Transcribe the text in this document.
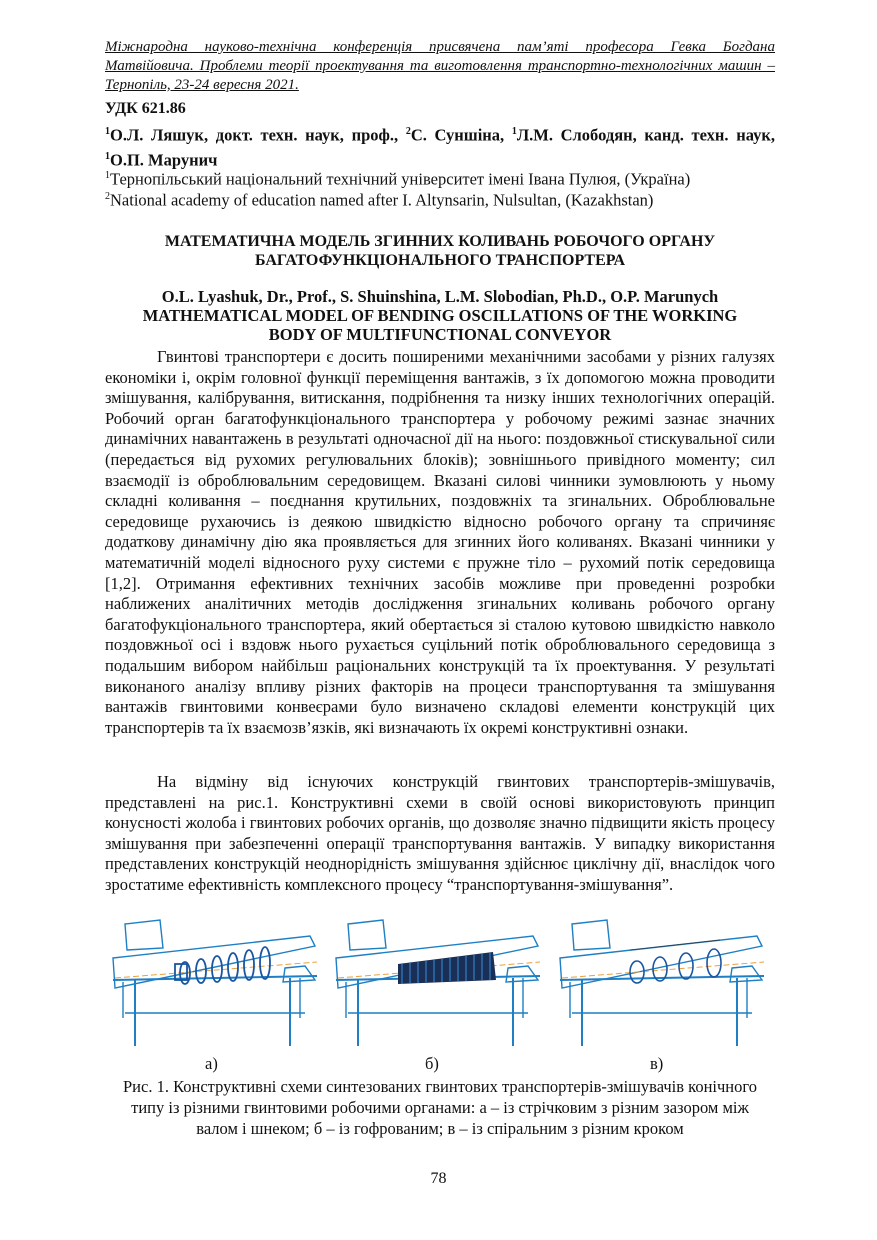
Міжнародна науково-технічна конференція присвячена пам’яті професора Гевка Богдана Матвійовича. Проблеми теорії проектування та виготовлення транспортно-технологічних машин – Тернопіль, 23-24 вересня 2021.
УДК 621.86
$^1$О.Л. Ляшук, докт. техн. наук, проф., $^2$С. Суншіна, $^1$Л.М. Слободян, канд. техн. наук, $^1$О.П. Марунич
$^1$Тернопільський національний технічний університет імені Івана Пулюя, (Україна)
$^2$National academy of education named after I. Altynsarin, Nulsultan, (Kazakhstan)
МАТЕМАТИЧНА МОДЕЛЬ ЗГИННИХ КОЛИВАНЬ РОБОЧОГО ОРГАНУ
БАГАТОФУНКЦІОНАЛЬНОГО ТРАНСПОРТЕРА
O.L. Lyashuk, Dr., Prof., S. Shuinshina, L.M. Slobodian, Ph.D., O.P. Marunych
MATHEMATICAL MODEL OF BENDING OSCILLATIONS OF THE WORKING
BODY OF MULTIFUNCTIONAL CONVEYOR

Гвинтові транспортери є досить поширеними механічними засобами у різних галузях економіки і, окрім головної функції переміщення вантажів, з їх допомогою можна проводити змішування, калібрування, витискання, подрібнення та низку інших технологічних операцій. Робочий орган багатофункціонального транспортера у робочому режимі зазнає значних динамічних навантажень в результаті одночасної дії на нього: поздовжньої стискувальної сили (передається від рухомих регулювальних блоків); зовнішнього привідного моменту; сил взаємодії із оброблювальним середовищем. Вказані силові чинники зумовлюють у ньому складні коливання – поєднання крутильних, поздовжніх та згинальних. Оброблювальне середовище рухаючись із деякою швидкістю відносно робочого органу та спричиняє додаткову динамічну дію яка проявляється для згинних його коливанях. Вказані чинники у математичній моделі відносного руху системи є пружне тіло – рухомий потік середовища [1,2]. Отримання ефективних технічних засобів можливе при проведенні розробки наближених аналітичних методів дослідження згинальних коливань робочого органу багатофукціонального транспортера, який обертається зі сталою кутовою швидкістю навколо поздовжньої осі і вздовж нього рухається суцільний потік оброблювального середовища з подальшим вибором найбільш раціональних конструкцій та їх проектування. У результаті виконаного аналізу впливу різних факторів на процеси транспортування та змішування вантажів гвинтовими конвеєрами було визначено складові елементи конструкцій цих транспортерів та їх взаємозв’язків, які визначають їх окремі конструктивні ознаки.

На відміну від існуючих конструкцій гвинтових транспортерів-змішувачів, представлені на рис.1. Конструктивні схеми в своїй основі використовують принцип конусності жолоба і гвинтових робочих органів, що дозволяє значно підвищити якість процесу змішування при забезпеченні операції транспортування вантажів. У випадку використання представлених конструкцій неоднорідність змішування здійснює циклічну дії, внаслідок чого зростатиме ефективність комплексного процесу “транспортування-змішування”.

а)	б)	в)
Рис. 1. Конструктивні схеми синтезованих гвинтових транспортерів-змішувачів конічного типу із різними гвинтовими робочими органами: а – із стрічковим з різним зазором між валом і шнеком; б – із гофрованим; в – із спіральним з різним кроком
78
